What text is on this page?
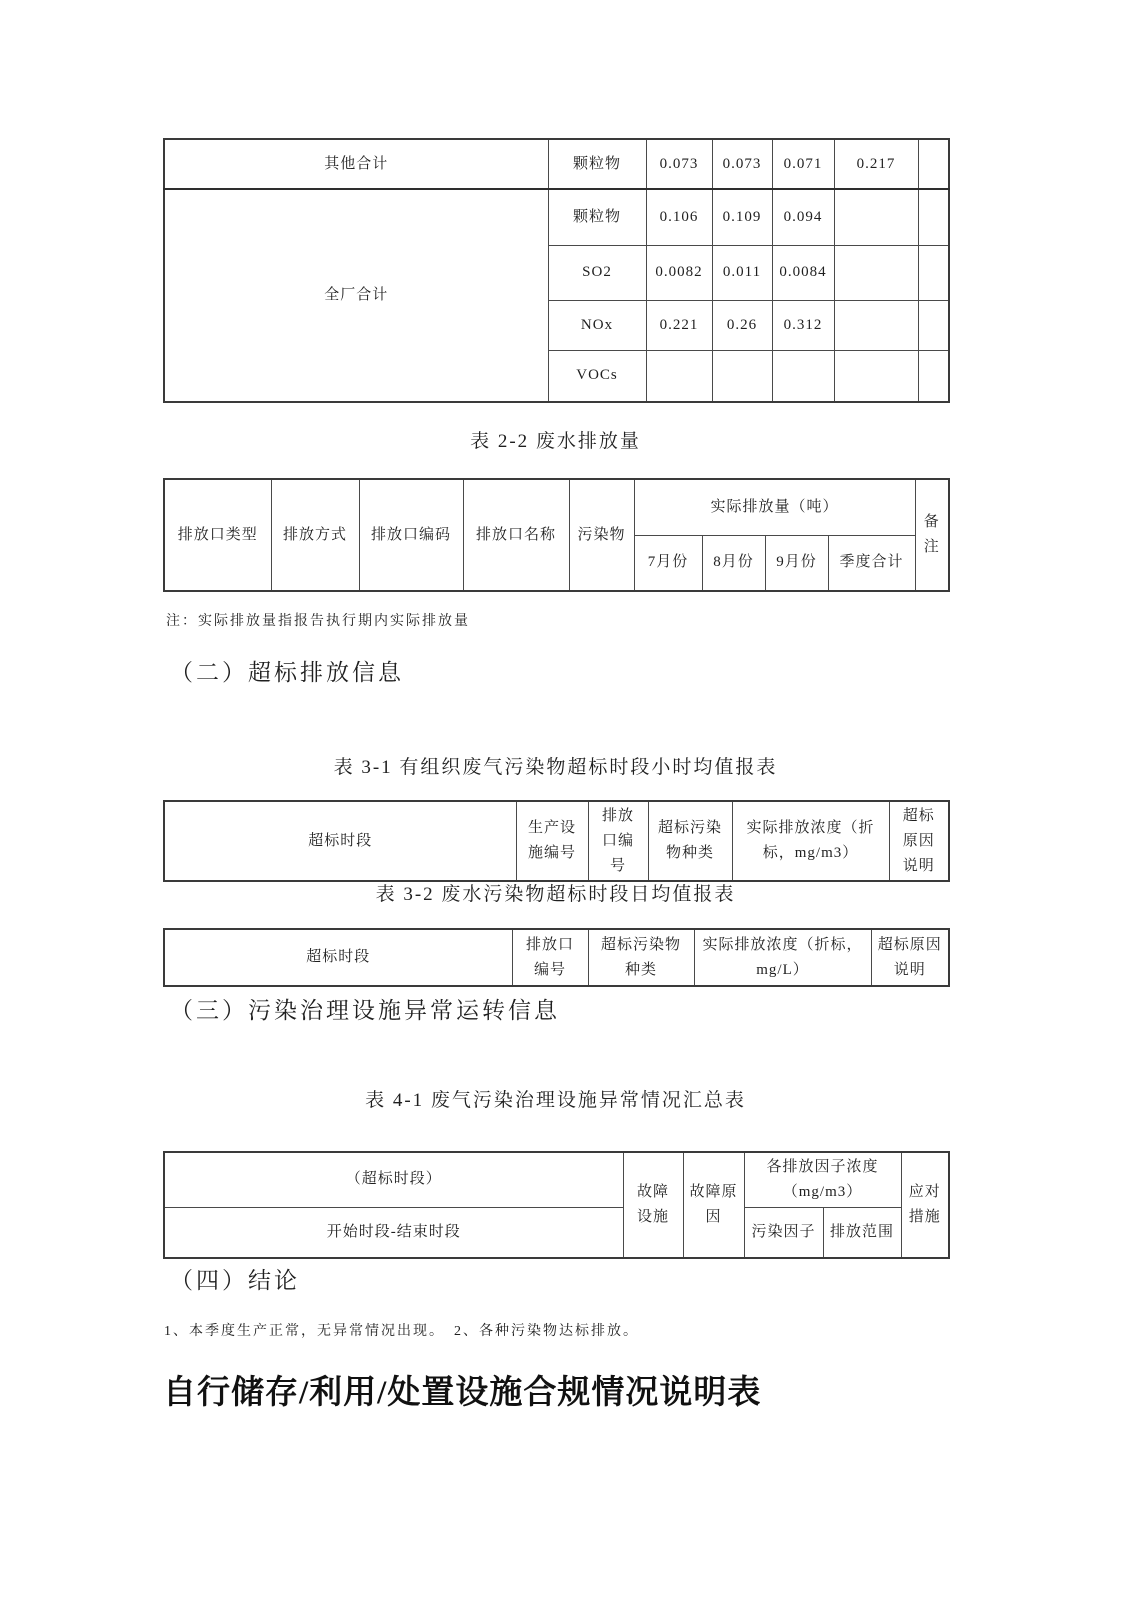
其他合计	颗粒物	0.073	0.073	0.071	0.217	
全厂合计	颗粒物	0.106	0.109	0.094		
	SO2	0.0082	0.011	0.0084		
	NOx	0.221	0.26	0.312		
	VOCs					
表 2-2 废水排放量
排放口类型	排放方式	排放口编码	排放口名称	污染物	实际排放量（吨）				备注
					7月份	8月份	9月份	季度合计	
注：实际排放量指报告执行期内实际排放量
（二）超标排放信息
表 3-1 有组织废气污染物超标时段小时均值报表
超标时段	生产设施编号	排放口编号	超标污染物种类	实际排放浓度（折标，mg/m3）	超标原因说明
表 3-2 废水污染物超标时段日均值报表
超标时段	排放口编号	超标污染物种类	实际排放浓度（折标，mg/L）	超标原因说明
（三）污染治理设施异常运转信息
表 4-1 废气污染治理设施异常情况汇总表
（超标时段）	故障设施	故障原因	各排放因子浓度（mg/m3）		应对措施
开始时段-结束时段			污染因子	排放范围	
（四）结论
1、本季度生产正常，无异常情况出现。　2、各种污染物达标排放。
自行储存/利用/处置设施合规情况说明表
